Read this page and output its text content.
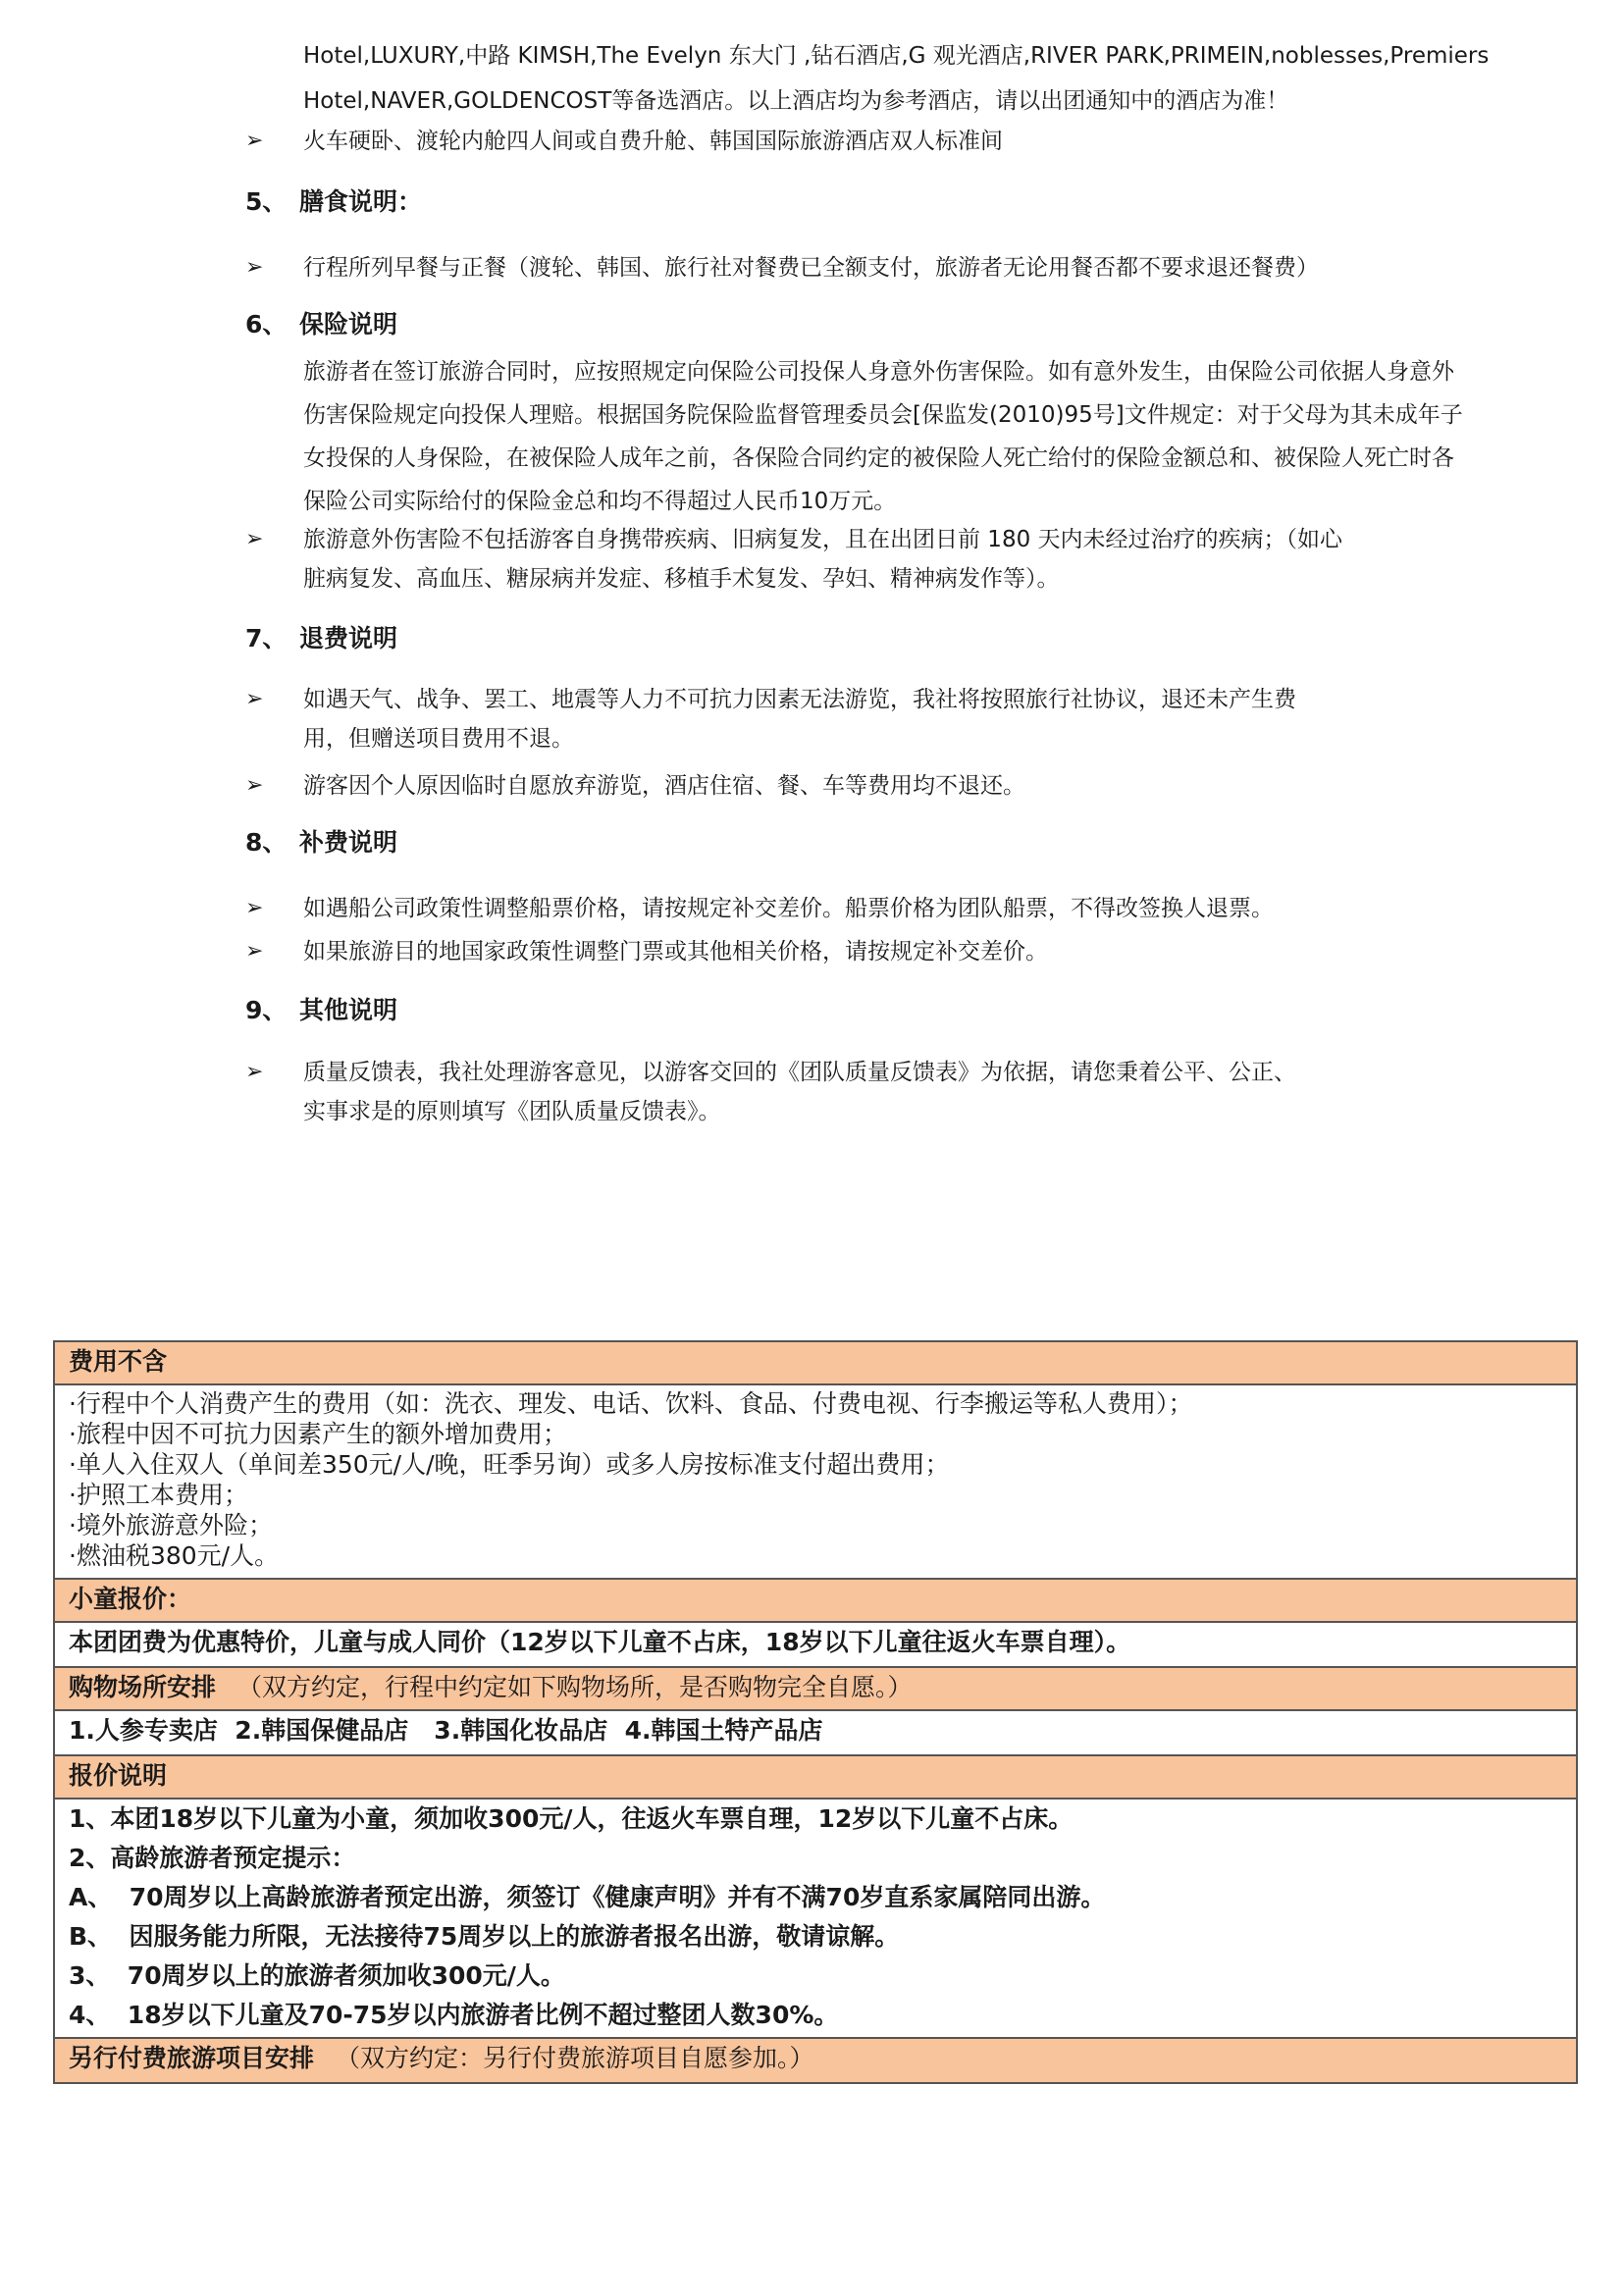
Hotel,LUXURY,中路 KIMSH,The Evelyn 东大门 ,钻石酒店,G 观光酒店,RIVER PARK,PRIMEIN,noblesses,Premiers
Hotel,NAVER,GOLDENCOST等备选酒店。以上酒店均为参考酒店，请以出团通知中的酒店为准！
➢ 火车硬卧、渡轮内舱四人间或自费升舱、韩国国际旅游酒店双人标准间
5、 膳食说明：
➢ 行程所列早餐与正餐（渡轮、韩国、旅行社对餐费已全额支付，旅游者无论用餐否都不要求退还餐费）
6、 保险说明
旅游者在签订旅游合同时，应按照规定向保险公司投保人身意外伤害保险。如有意外发生，由保险公司依据人身意外
伤害保险规定向投保人理赔。根据国务院保险监督管理委员会[保监发(2010)95号]文件规定：对于父母为其未成年子
女投保的人身保险，在被保险人成年之前，各保险合同约定的被保险人死亡给付的保险金额总和、被保险人死亡时各
保险公司实际给付的保险金总和均不得超过人民币10万元。
➢ 旅游意外伤害险不包括游客自身携带疾病、旧病复发，且在出团日前 180 天内未经过治疗的疾病；（如心
脏病复发、高血压、糖尿病并发症、移植手术复发、孕妇、精神病发作等）。
7、 退费说明
➢ 如遇天气、战争、罢工、地震等人力不可抗力因素无法游览，我社将按照旅行社协议，退还未产生费
用，但赠送项目费用不退。
➢ 游客因个人原因临时自愿放弃游览，酒店住宿、餐、车等费用均不退还。
8、 补费说明
➢ 如遇船公司政策性调整船票价格，请按规定补交差价。船票价格为团队船票，不得改签换人退票。
➢ 如果旅游目的地国家政策性调整门票或其他相关价格，请按规定补交差价。
9、 其他说明
➢ 质量反馈表，我社处理游客意见，以游客交回的《团队质量反馈表》为依据，请您秉着公平、公正、
实事求是的原则填写《团队质量反馈表》。
费用不含
·行程中个人消费产生的费用（如：洗衣、理发、电话、饮料、食品、付费电视、行李搬运等私人费用）；
·旅程中因不可抗力因素产生的额外增加费用；
·单人入住双人（单间差350元/人/晚，旺季另询）或多人房按标准支付超出费用；
·护照工本费用；
·境外旅游意外险；
·燃油税380元/人。
小童报价：
本团团费为优惠特价，儿童与成人同价（12岁以下儿童不占床，18岁以下儿童往返火车票自理）。
购物场所安排 （双方约定，行程中约定如下购物场所，是否购物完全自愿。）
1.人参专卖店  2.韩国保健品店   3.韩国化妆品店  4.韩国土特产品店
报价说明
1、本团18岁以下儿童为小童，须加收300元/人，往返火车票自理，12岁以下儿童不占床。
2、高龄旅游者预定提示：
A、  70周岁以上高龄旅游者预定出游，须签订《健康声明》并有不满70岁直系家属陪同出游。
B、  因服务能力所限，无法接待75周岁以上的旅游者报名出游，敬请谅解。
3、  70周岁以上的旅游者须加收300元/人。
4、  18岁以下儿童及70-75岁以内旅游者比例不超过整团人数30%。
另行付费旅游项目安排 （双方约定：另行付费旅游项目自愿参加。）
